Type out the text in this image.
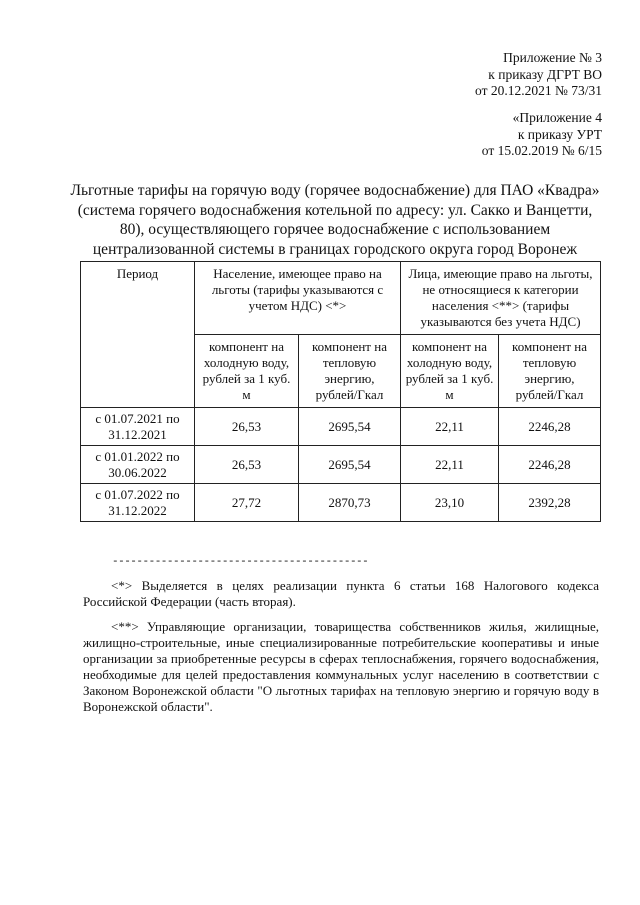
Приложение № 3
к приказу ДГРТ ВО
от 20.12.2021 № 73/31
«Приложение 4
к приказу УРТ
от 15.02.2019 № 6/15
Льготные тарифы на горячую воду (горячее водоснабжение) для ПАО «Квадра»
(система горячего водоснабжения котельной по адресу: ул. Сакко и Ванцетти,
80), осуществляющего горячее водоснабжение с использованием
централизованной системы в границах городского округа город Воронеж
Период	Население, имеющее право на льготы (тарифы указываются с учетом НДС) <*>		Лица, имеющие право на льготы, не относящиеся к категории населения <**> (тарифы указываются без учета НДС)	
	компонент на холодную воду, рублей за 1 куб. м	компонент на тепловую энергию, рублей/Гкал	компонент на холодную воду, рублей за 1 куб. м	компонент на тепловую энергию, рублей/Гкал
с 01.07.2021 по 31.12.2021	26,53	2695,54	22,11	2246,28
с 01.01.2022 по 30.06.2022	26,53	2695,54	22,11	2246,28
с 01.07.2022 по 31.12.2022	27,72	2870,73	23,10	2392,28
------------------------------------------
<*> Выделяется в целях реализации пункта 6 статьи 168 Налогового кодекса Российской Федерации (часть вторая).
<**> Управляющие организации, товарищества собственников жилья, жилищные, жилищно-строительные, иные специализированные потребительские кооперативы и иные организации за приобретенные ресурсы в сферах теплоснабжения, горячего водоснабжения, необходимые для целей предоставления коммунальных услуг населению в соответствии с Законом Воронежской области "О льготных тарифах на тепловую энергию и горячую воду в Воронежской области".
